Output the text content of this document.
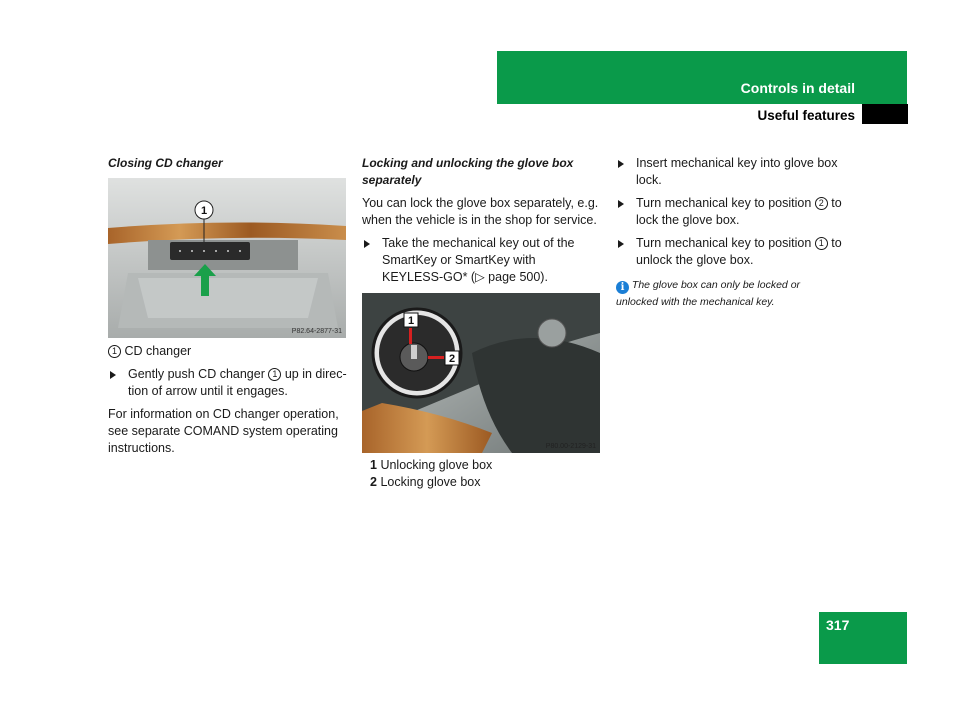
Controls in detail
Useful features
Closing CD changer
1
P82.64-2877-31

1 CD changer

Gently push CD changer 1 up in direc-
tion of arrow until it engages.

For information on CD changer operation, see separate COMAND system operating instructions.

Locking and unlocking the glove box
separately

You can lock the glove box separately, e.g. when the vehicle is in the shop for service.

Take the mechanical key out of the
SmartKey or SmartKey with
KEYLESS-GO* (▷ page 500).
1
2
P80.00-2129-31
1 Unlocking glove box
2 Locking glove box
Insert mechanical key into glove box
lock.
Turn mechanical key to position 2 to
lock the glove box.
Turn mechanical key to position 1 to
unlock the glove box.
i The glove box can only be locked or
unlocked with the mechanical key.
317
